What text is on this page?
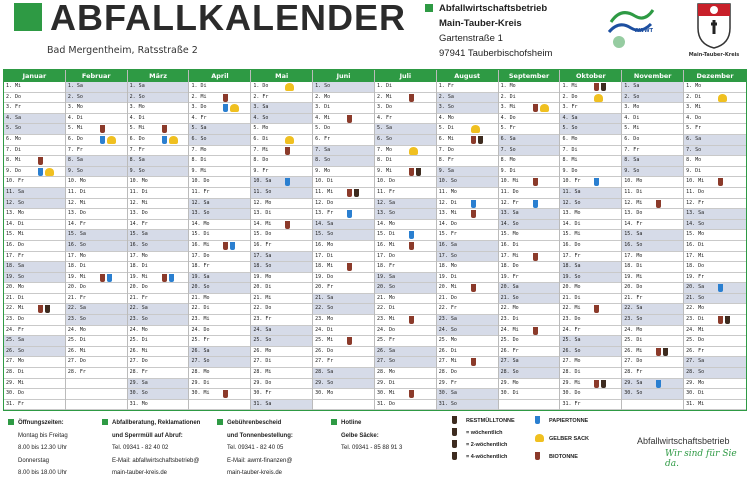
ABFALLKALENDER
Bad Mergentheim, Ratsstraße 2
Abfallwirtschaftsbetrieb
Main-Tauber-Kreis
Gartenstraße 1
97941 Tauberbischofsheim
AWWT
Main-Tauber-Kreis
Januar
1. Mi
2. Do
3. Fr
4. Sa
5. So
6. Mo
7. Di
8. Mi
9. Do
10. Fr
11. Sa
12. So
13. Mo
14. Di
15. Mi
16. Do
17. Fr
18. Sa
19. So
20. Mo
21. Di
22. Mi
23. Do
24. Fr
25. Sa
26. So
27. Mo
28. Di
29. Mi
30. Do
31. Fr
Februar
1. Sa
2. So
3. Mo
4. Di
5. Mi
6. Do
7. Fr
8. Sa
9. So
10. Mo
11. Di
12. Mi
13. Do
14. Fr
15. Sa
16. So
17. Mo
18. Di
19. Mi
20. Do
21. Fr
22. Sa
23. So
24. Mo
25. Di
26. Mi
27. Do
28. Fr
März
1. Sa
2. So
3. Mo
4. Di
5. Mi
6. Do
7. Fr
8. Sa
9. So
10. Mo
11. Di
12. Mi
13. Do
14. Fr
15. Sa
16. So
17. Mo
18. Di
19. Mi
20. Do
21. Fr
22. Sa
23. So
24. Mo
25. Di
26. Mi
27. Do
28. Fr
29. Sa
30. So
31. Mo
April
1. Di
2. Mi
3. Do
4. Fr
5. Sa
6. So
7. Mo
8. Di
9. Mi
10. Do
11. Fr
12. Sa
13. So
14. Mo
15. Di
16. Mi
17. Do
18. Fr
19. Sa
20. So
21. Mo
22. Di
23. Mi
24. Do
25. Fr
26. Sa
27. So
28. Mo
29. Di
30. Mi
Mai
1. Do
2. Fr
3. Sa
4. So
5. Mo
6. Di
7. Mi
8. Do
9. Fr
10. Sa
11. So
12. Mo
13. Di
14. Mi
15. Do
16. Fr
17. Sa
18. So
19. Mo
20. Di
21. Mi
22. Do
23. Fr
24. Sa
25. So
26. Mo
27. Di
28. Mi
29. Do
30. Fr
31. Sa
Juni
1. So
2. Mo
3. Di
4. Mi
5. Do
6. Fr
7. Sa
8. So
9. Mo
10. Di
11. Mi
12. Do
13. Fr
14. Sa
15. So
16. Mo
17. Di
18. Mi
19. Do
20. Fr
21. Sa
22. So
23. Mo
24. Di
25. Mi
26. Do
27. Fr
28. Sa
29. So
30. Mo
Juli
1. Di
2. Mi
3. Do
4. Fr
5. Sa
6. So
7. Mo
8. Di
9. Mi
10. Do
11. Fr
12. Sa
13. So
14. Mo
15. Di
16. Mi
17. Do
18. Fr
19. Sa
20. So
21. Mo
22. Di
23. Mi
24. Do
25. Fr
26. Sa
27. So
28. Mo
29. Di
30. Mi
31. Do
August
1. Fr
2. Sa
3. So
4. Mo
5. Di
6. Mi
7. Do
8. Fr
9. Sa
10. So
11. Mo
12. Di
13. Mi
14. Do
15. Fr
16. Sa
17. So
18. Mo
19. Di
20. Mi
21. Do
22. Fr
23. Sa
24. So
25. Mo
26. Di
27. Mi
28. Do
29. Fr
30. Sa
31. So
September
1. Mo
2. Di
3. Mi
4. Do
5. Fr
6. Sa
7. So
8. Mo
9. Di
10. Mi
11. Do
12. Fr
13. Sa
14. So
15. Mo
16. Di
17. Mi
18. Do
19. Fr
20. Sa
21. So
22. Mo
23. Di
24. Mi
25. Do
26. Fr
27. Sa
28. So
29. Mo
30. Di
Oktober
1. Mi
2. Do
3. Fr
4. Sa
5. So
6. Mo
7. Di
8. Mi
9. Do
10. Fr
11. Sa
12. So
13. Mo
14. Di
15. Mi
16. Do
17. Fr
18. Sa
19. So
20. Mo
21. Di
22. Mi
23. Do
24. Fr
25. Sa
26. So
27. Mo
28. Di
29. Mi
30. Do
31. Fr
November
1. Sa
2. So
3. Mo
4. Di
5. Mi
6. Do
7. Fr
8. Sa
9. So
10. Mo
11. Di
12. Mi
13. Do
14. Fr
15. Sa
16. So
17. Mo
18. Di
19. Mi
20. Do
21. Fr
22. Sa
23. So
24. Mo
25. Di
26. Mi
27. Do
28. Fr
29. Sa
30. So
Dezember
1. Mo
2. Di
3. Mi
4. Do
5. Fr
6. Sa
7. So
8. Mo
9. Di
10. Mi
11. Do
12. Fr
13. Sa
14. So
15. Mo
16. Di
17. Mi
18. Do
19. Fr
20. Sa
21. So
22. Mo
23. Di
24. Mi
25. Do
26. Fr
27. Sa
28. So
29. Mo
30. Di
31. Mi
Öffnungszeiten:
Montag bis Freitag
8.00 bis 12.30 Uhr
Donnerstag
8.00 bis 18.00 Uhr
Abfallberatung, Reklamationen
und Sperrmüll auf Abruf:
Tel. 09341 - 82 40 02
E-Mail: abfallwirtschaftsbetrieb@
main-tauber-kreis.de
Gebührenbescheid
und Tonnenbestellung:
Tel. 09341 - 82 40 05
E-Mail: awmt-finanzen@
main-tauber-kreis.de
Hotline
Gelbe Säcke:
Tel. 09341 - 85 88 91 3
RESTMÜLLTONNE
= wöchentlich
= 2-wöchentlich
= 4-wöchentlich
PAPIERTONNE
GELBER SACK
BIOTONNE
Abfallwirtschaftsbetrieb
Wir sind für Sie da.
